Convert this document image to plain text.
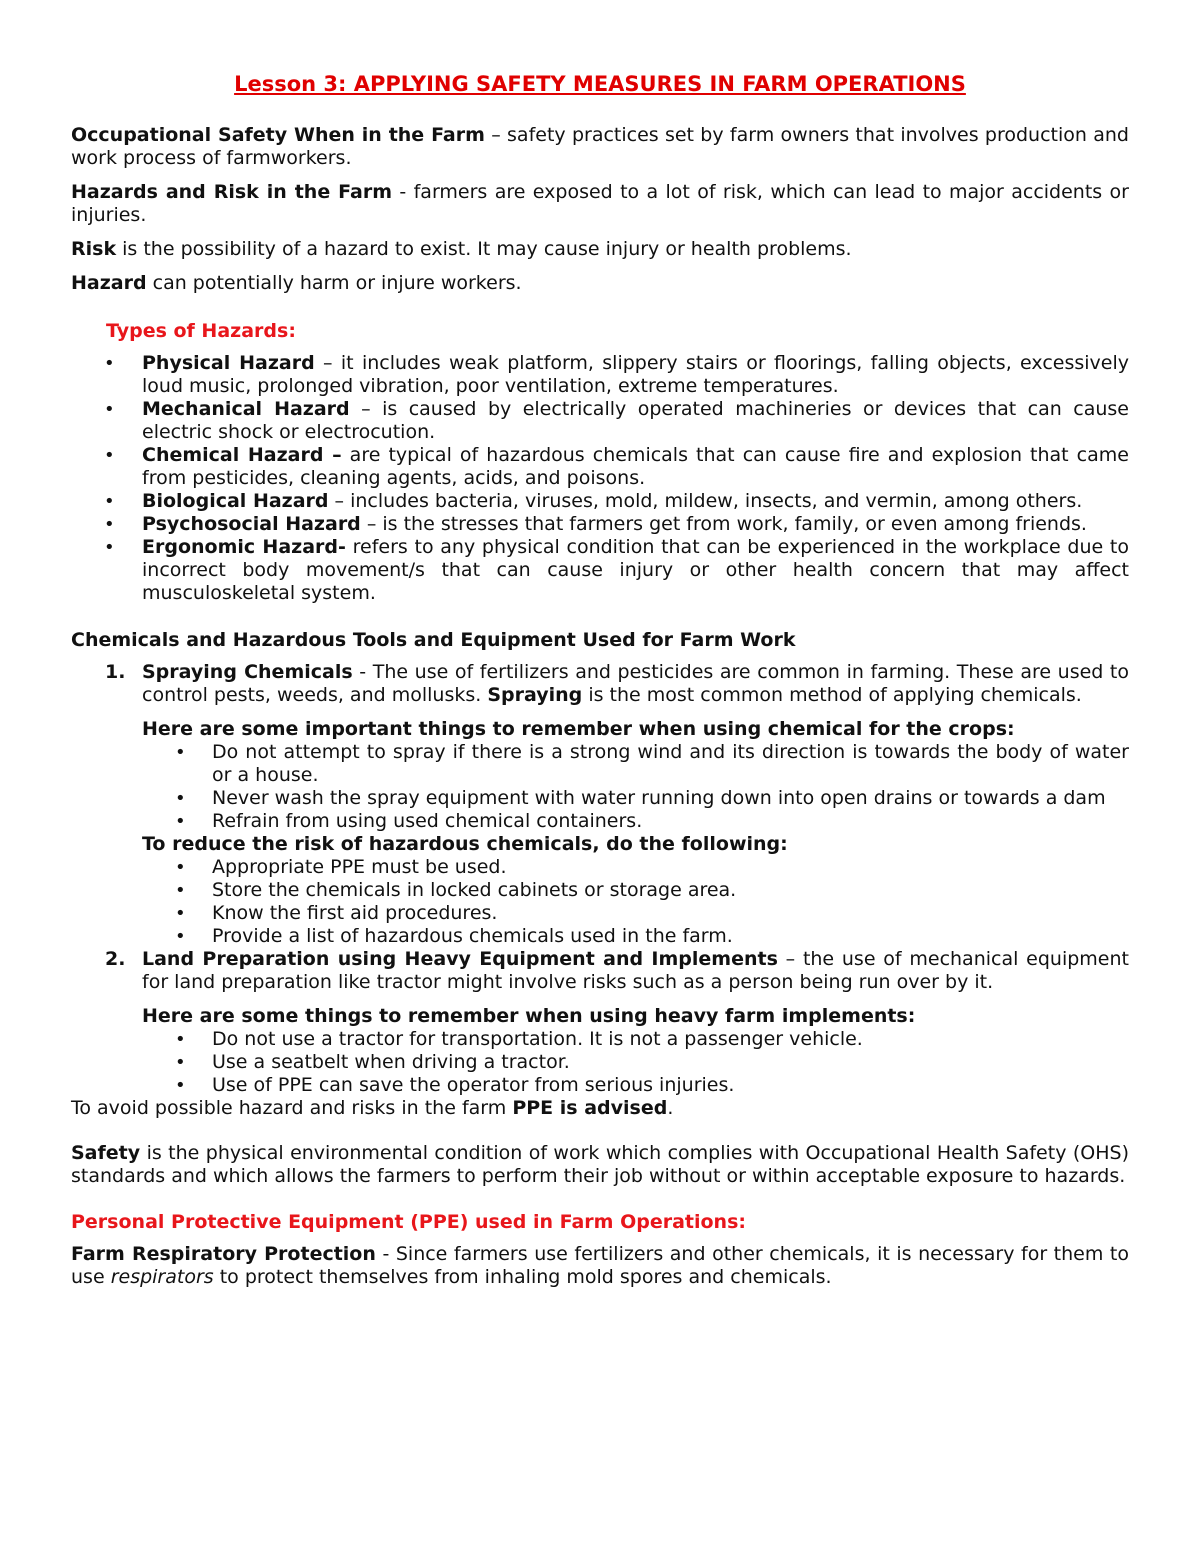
Lesson 3: APPLYING SAFETY MEASURES IN FARM OPERATIONS

Occupational Safety When in the Farm – safety practices set by farm owners that involves production and work process of farmworkers.

Hazards and Risk in the Farm - farmers are exposed to a lot of risk, which can lead to major accidents or injuries.

Risk is the possibility of a hazard to exist. It may cause injury or health problems.

Hazard can potentially harm or injure workers.

Types of Hazards:

• Physical Hazard – it includes weak platform, slippery stairs or floorings, falling objects, excessively loud music, prolonged vibration, poor ventilation, extreme temperatures.
• Mechanical Hazard – is caused by electrically operated machineries or devices that can cause electric shock or electrocution.
• Chemical Hazard – are typical of hazardous chemicals that can cause fire and explosion that came from pesticides, cleaning agents, acids, and poisons.
• Biological Hazard – includes bacteria, viruses, mold, mildew, insects, and vermin, among others.
• Psychosocial Hazard – is the stresses that farmers get from work, family, or even among friends.
• Ergonomic Hazard- refers to any physical condition that can be experienced in the workplace due to incorrect body movement/s that can cause injury or other health concern that may affect musculoskeletal system.

Chemicals and Hazardous Tools and Equipment Used for Farm Work

1. Spraying Chemicals - The use of fertilizers and pesticides are common in farming. These are used to control pests, weeds, and mollusks. Spraying is the most common method of applying chemicals.

Here are some important things to remember when using chemical for the crops:

• Do not attempt to spray if there is a strong wind and its direction is towards the body of water or a house.
• Never wash the spray equipment with water running down into open drains or towards a dam
• Refrain from using used chemical containers.

To reduce the risk of hazardous chemicals, do the following:

• Appropriate PPE must be used.
• Store the chemicals in locked cabinets or storage area.
• Know the first aid procedures.
• Provide a list of hazardous chemicals used in the farm.
2. Land Preparation using Heavy Equipment and Implements – the use of mechanical equipment for land preparation like tractor might involve risks such as a person being run over by it.

Here are some things to remember when using heavy farm implements:

• Do not use a tractor for transportation. It is not a passenger vehicle.
• Use a seatbelt when driving a tractor.
• Use of PPE can save the operator from serious injuries.

To avoid possible hazard and risks in the farm PPE is advised.

Safety is the physical environmental condition of work which complies with Occupational Health Safety (OHS) standards and which allows the farmers to perform their job without or within acceptable exposure to hazards.

Personal Protective Equipment (PPE) used in Farm Operations:

Farm Respiratory Protection - Since farmers use fertilizers and other chemicals, it is necessary for them to use respirators to protect themselves from inhaling mold spores and chemicals.
